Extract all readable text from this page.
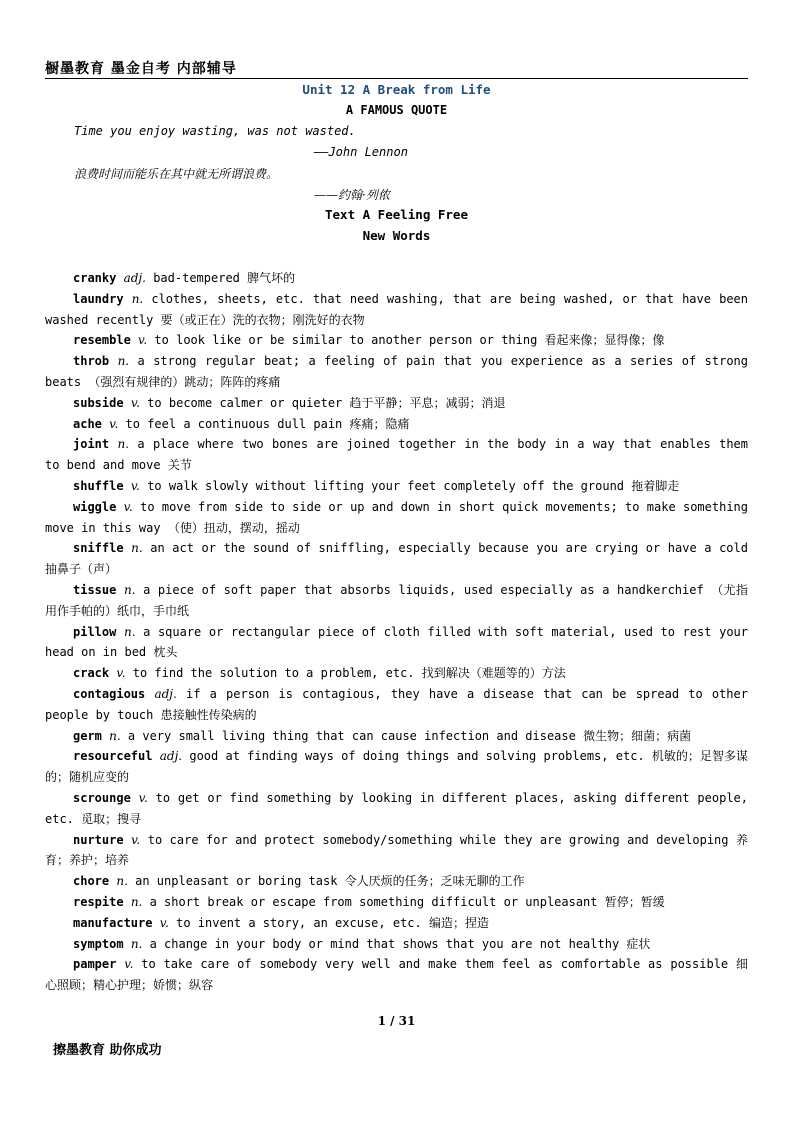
橱墨教育 墨金自考 内部辅导
Unit 12 A Break from Life
A FAMOUS QUOTE
Time you enjoy wasting, was not wasted.
——John Lennon
浪费时间而能乐在其中就无所谓浪费。
——约翰·列侬
Text A Feeling Free
New Words

cranky adj. bad-tempered 脾气坏的

laundry n. clothes, sheets, etc. that need washing, that are being washed, or that have been washed recently 要（或正在）洗的衣物；刚洗好的衣物

resemble v. to look like or be similar to another person or thing 看起来像；显得像；像

throb n. a strong regular beat; a feeling of pain that you experience as a series of strong beats （强烈有规律的）跳动；阵阵的疼痛

subside v. to become calmer or quieter 趋于平静；平息；减弱；消退

ache v. to feel a continuous dull pain 疼痛；隐痛

joint n. a place where two bones are joined together in the body in a way that enables them to bend and move 关节

shuffle v. to walk slowly without lifting your feet completely off the ground 拖着脚走

wiggle v. to move from side to side or up and down in short quick movements; to make something move in this way （使）扭动，摆动，摇动

sniffle n. an act or the sound of sniffling, especially because you are crying or have a cold 抽鼻子（声）

tissue n. a piece of soft paper that absorbs liquids, used especially as a handkerchief （尤指用作手帕的）纸巾，手巾纸

pillow n. a square or rectangular piece of cloth filled with soft material, used to rest your head on in bed 枕头

crack v. to find the solution to a problem, etc. 找到解决（难题等的）方法

contagious adj. if a person is contagious, they have a disease that can be spread to other people by touch 患接触性传染病的

germ n. a very small living thing that can cause infection and disease 微生物；细菌；病菌

resourceful adj. good at finding ways of doing things and solving problems, etc. 机敏的；足智多谋的；随机应变的

scrounge v. to get or find something by looking in different places, asking different people, etc. 觅取；搜寻

nurture v. to care for and protect somebody/something while they are growing and developing 养育；养护；培养

chore n. an unpleasant or boring task 令人厌烦的任务；乏味无聊的工作

respite n. a short break or escape from something difficult or unpleasant 暂停；暂缓

manufacture v. to invent a story, an excuse, etc. 编造；捏造

symptom n. a change in your body or mind that shows that you are not healthy 症状

pamper v. to take care of somebody very well and make them feel as comfortable as possible 细心照顾；精心护理；娇惯；纵容

1 / 31
擦墨教育 助你成功
